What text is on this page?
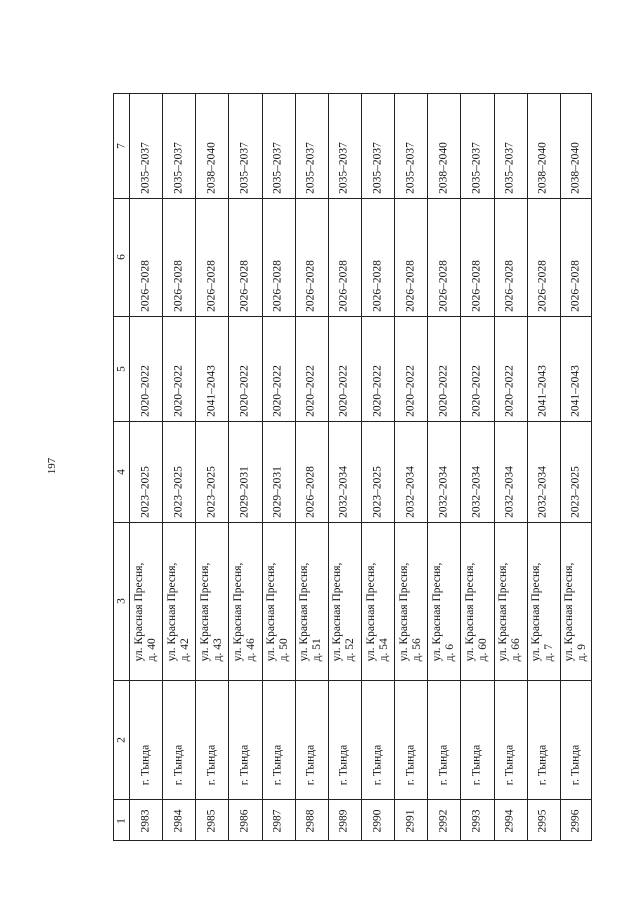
197
7
6
5
4
3
2
1 2983
г. Тында
ул. Красная Пресня, д. 40
2023–2025
2020–2022
2026–2028
2035–2037
2984
г. Тында
ул. Красная Пресня, д. 42
2023–2025
2020–2022
2026–2028
2035–2037
2985
г. Тында
ул. Красная Пресня, д. 43
2023–2025
2041–2043
2026–2028
2038–2040
2986
г. Тында
ул. Красная Пресня, д. 46
2029–2031
2020–2022
2026–2028
2035–2037
2987
г. Тында
ул. Красная Пресня, д. 50
2029–2031
2020–2022
2026–2028
2035–2037
2988
г. Тында
ул. Красная Пресня, д. 51
2026–2028
2020–2022
2026–2028
2035–2037
2989
г. Тында
ул. Красная Пресня, д. 52
2032–2034
2020–2022
2026–2028
2035–2037
2990
г. Тында
ул. Красная Пресня, д. 54
2023–2025
2020–2022
2026–2028
2035–2037
2991
г. Тында
ул. Красная Пресня, д. 56
2032–2034
2020–2022
2026–2028
2035–2037
2992
г. Тында
ул. Красная Пресня, д. 6
2032–2034
2020–2022
2026–2028
2038–2040
2993
г. Тында
ул. Красная Пресня, д. 60
2032–2034
2020–2022
2026–2028
2035–2037
2994
г. Тында
ул. Красная Пресня, д. 66
2032–2034
2020–2022
2026–2028
2035–2037
2995
г. Тында
ул. Красная Пресня, д. 7
2032–2034
2041–2043
2026–2028
2038–2040
2996
г. Тында
ул. Красная Пресня, д. 9
2023–2025
2041–2043
2026–2028
2038–2040
